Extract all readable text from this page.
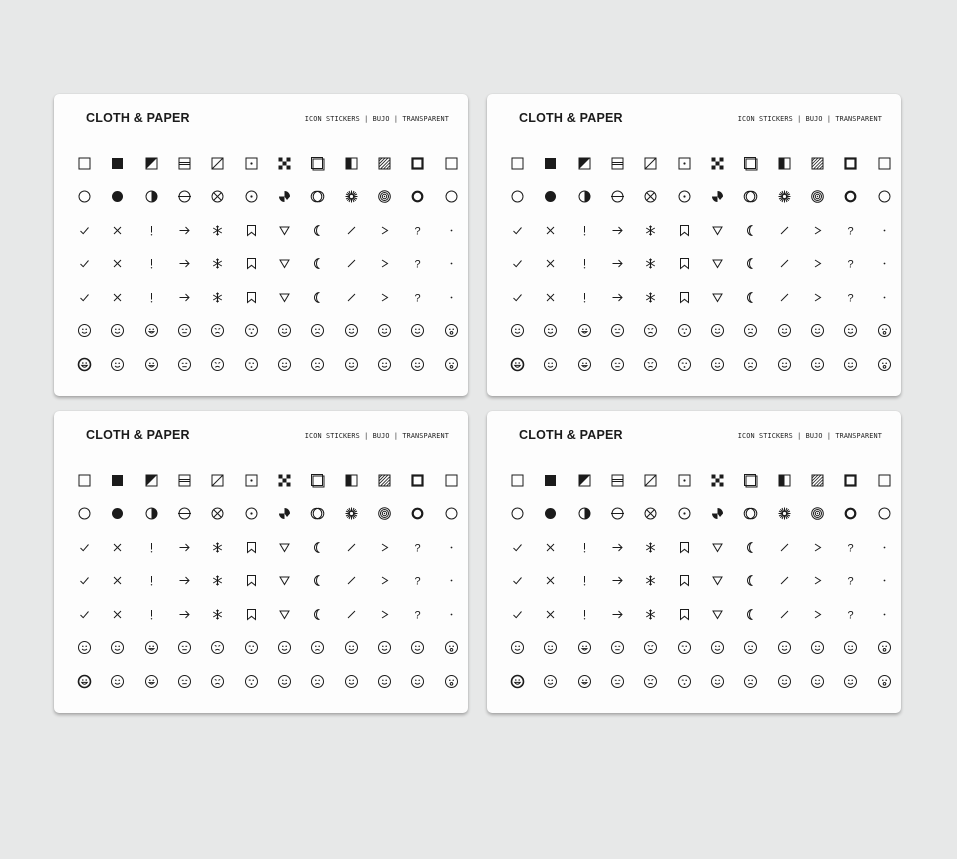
CLOTH & PAPER	ICON STICKERS | BUJO | TRANSPARENT
?
?
?
CLOTH & PAPER	ICON STICKERS | BUJO | TRANSPARENT
?
?
?
CLOTH & PAPER	ICON STICKERS | BUJO | TRANSPARENT
?
?
?
CLOTH & PAPER	ICON STICKERS | BUJO | TRANSPARENT
?
?
?
